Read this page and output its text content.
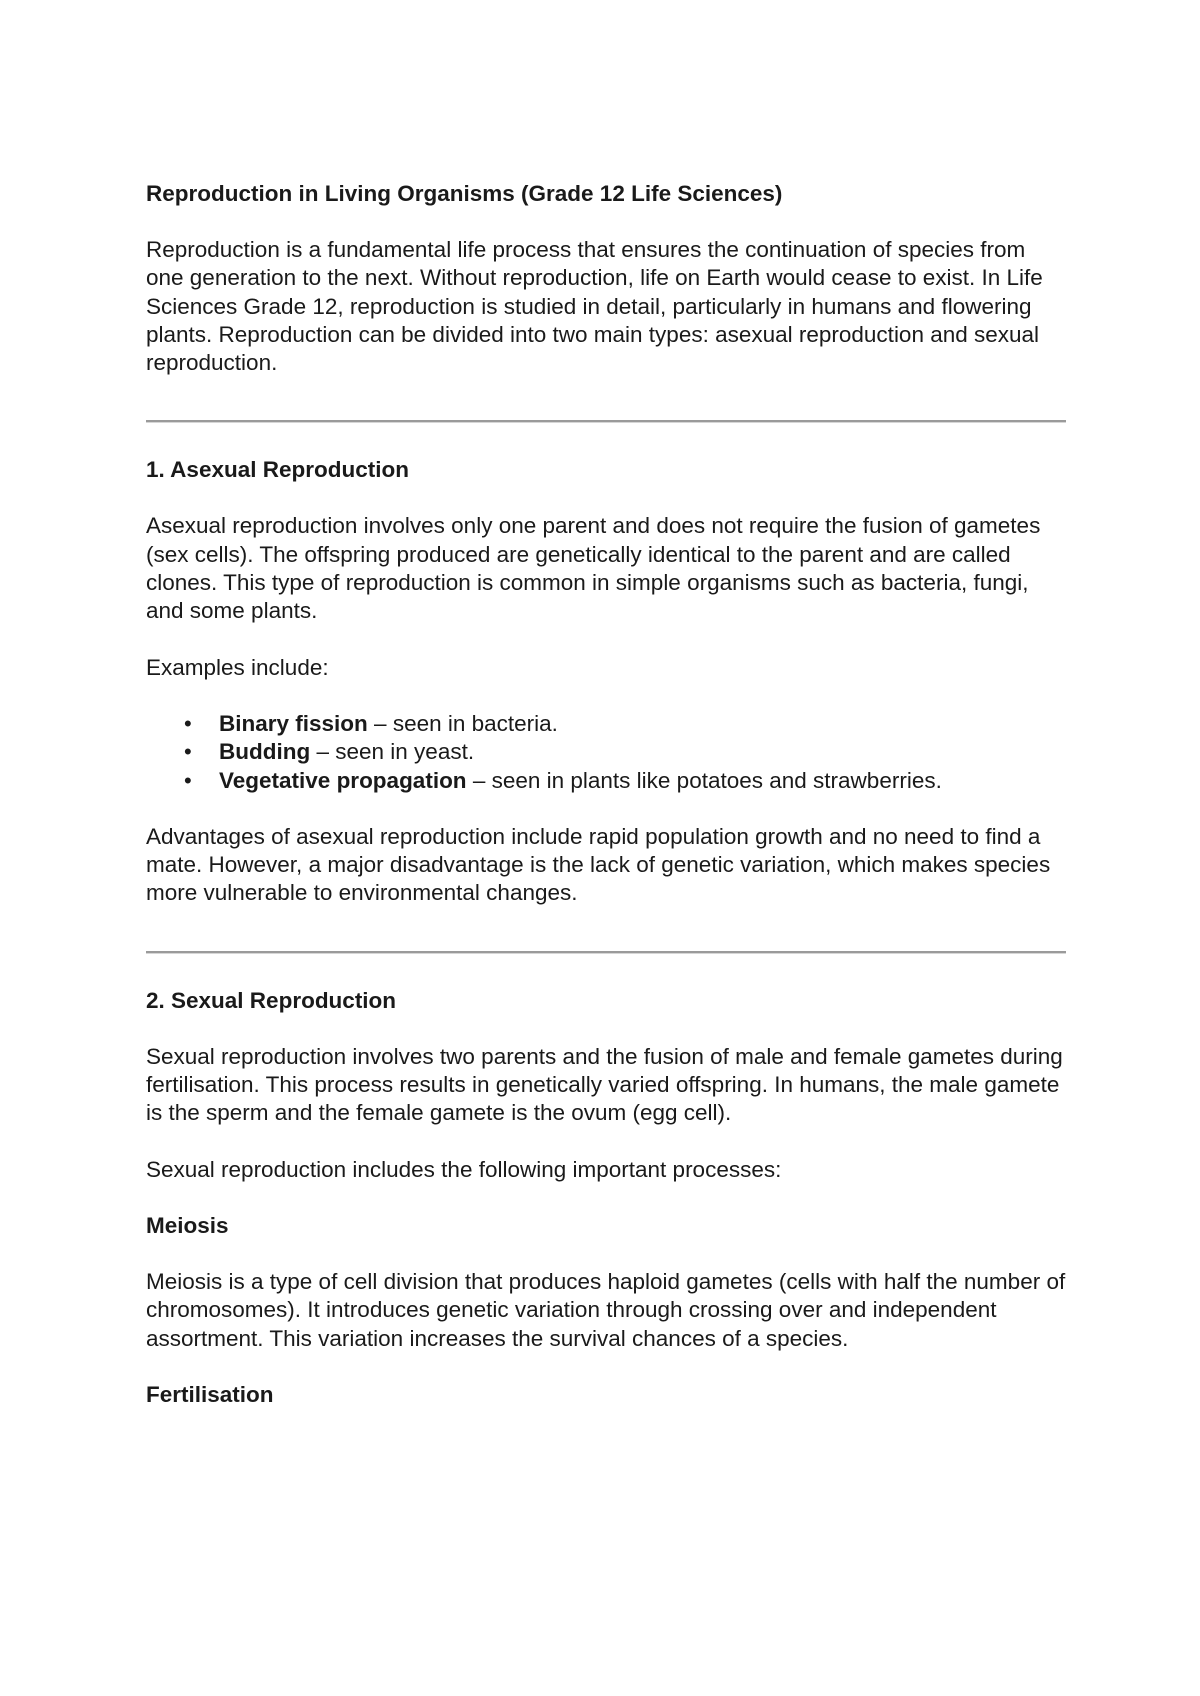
Reproduction in Living Organisms (Grade 12 Life Sciences)

Reproduction is a fundamental life process that ensures the continuation of species from one generation to the next. Without reproduction, life on Earth would cease to exist. In Life Sciences Grade 12, reproduction is studied in detail, particularly in humans and flowering plants. Reproduction can be divided into two main types: asexual reproduction and sexual reproduction.

1. Asexual Reproduction

Asexual reproduction involves only one parent and does not require the fusion of gametes (sex cells). The offspring produced are genetically identical to the parent and are called clones. This type of reproduction is common in simple organisms such as bacteria, fungi, and some plants.

Examples include:

• Binary fission – seen in bacteria.
• Budding – seen in yeast.
• Vegetative propagation – seen in plants like potatoes and strawberries.

Advantages of asexual reproduction include rapid population growth and no need to find a mate. However, a major disadvantage is the lack of genetic variation, which makes species more vulnerable to environmental changes.

2. Sexual Reproduction

Sexual reproduction involves two parents and the fusion of male and female gametes during fertilisation. This process results in genetically varied offspring. In humans, the male gamete is the sperm and the female gamete is the ovum (egg cell).

Sexual reproduction includes the following important processes:

Meiosis

Meiosis is a type of cell division that produces haploid gametes (cells with half the number of chromosomes). It introduces genetic variation through crossing over and independent assortment. This variation increases the survival chances of a species.

Fertilisation
